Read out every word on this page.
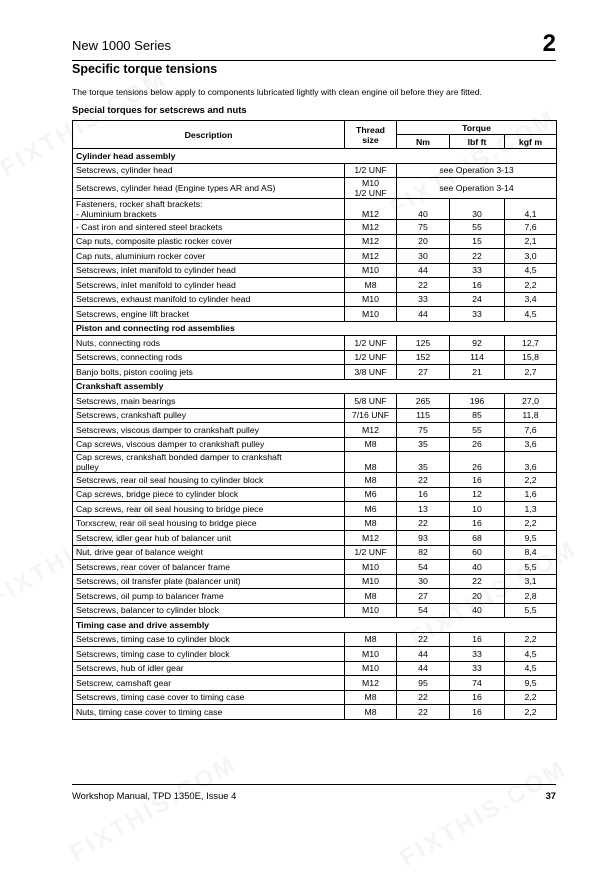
New 1000 Series	2
Specific torque tensions
The torque tensions below apply to components lubricated lightly with clean engine oil before they are fitted.
Special torques for setscrews and nuts
Description	Thread
size	Torque		
		Nm	lbf ft	kgf m
Cylinder head assembly				
Setscrews, cylinder head	1/2 UNF	see Operation 3-13		
Setscrews, cylinder head (Engine types AR and AS)	M10
1/2 UNF	see Operation 3-14		
Fasteners, rocker shaft brackets:
- Aluminium brackets	M12	40	30	4,1
- Cast iron and sintered steel brackets	M12	75	55	7,6
Cap nuts, composite plastic rocker cover	M12	20	15	2,1
Cap nuts, aluminium rocker cover	M12	30	22	3,0
Setscrews, inlet manifold to cylinder head	M10	44	33	4,5
Setscrews, inlet manifold to cylinder head	M8	22	16	2,2
Setscrews, exhaust manifold to cylinder head	M10	33	24	3,4
Setscrews, engine lift bracket	M10	44	33	4,5
Piston and connecting rod assemblies				
Nuts, connecting rods	1/2 UNF	125	92	12,7
Setscrews, connecting rods	1/2 UNF	152	114	15,8
Banjo bolts, piston cooling jets	3/8 UNF	27	21	2,7
Crankshaft assembly				
Setscrews, main bearings	5/8 UNF	265	196	27,0
Setscrews, crankshaft pulley	7/16 UNF	115	85	11,8
Setscrews, viscous damper to crankshaft pulley	M12	75	55	7,6
Cap screws, viscous damper to crankshaft pulley	M8	35	26	3,6
Cap screws, crankshaft bonded damper to crankshaft
pulley	M8	35	26	3,6
Setscrews, rear oil seal housing to cylinder block	M8	22	16	2,2
Cap screws, bridge piece to cylinder block	M6	16	12	1,6
Cap screws, rear oil seal housing to bridge piece	M6	13	10	1,3
Torxscrew, rear oil seal housing to bridge piece	M8	22	16	2,2
Setscrew, idler gear hub of balancer unit	M12	93	68	9,5
Nut, drive gear of balance weight	1/2 UNF	82	60	8,4
Setscrews, rear cover of balancer frame	M10	54	40	5,5
Setscrews, oil transfer plate (balancer unit)	M10	30	22	3,1
Setscrews, oil pump to balancer frame	M8	27	20	2,8
Setscrews, balancer to cylinder block	M10	54	40	5,5
Timing case and drive assembly				
Setscrews, timing case to cylinder block	M8	22	16	2,2
Setscrews, timing case to cylinder block	M10	44	33	4,5
Setscrews, hub of idler gear	M10	44	33	4,5
Setscrew, camshaft gear	M12	95	74	9,5
Setscrews, timing case cover to timing case	M8	22	16	2,2
Nuts, timing case cover to timing case	M8	22	16	2,2
Workshop Manual, TPD 1350E, Issue 4	37
